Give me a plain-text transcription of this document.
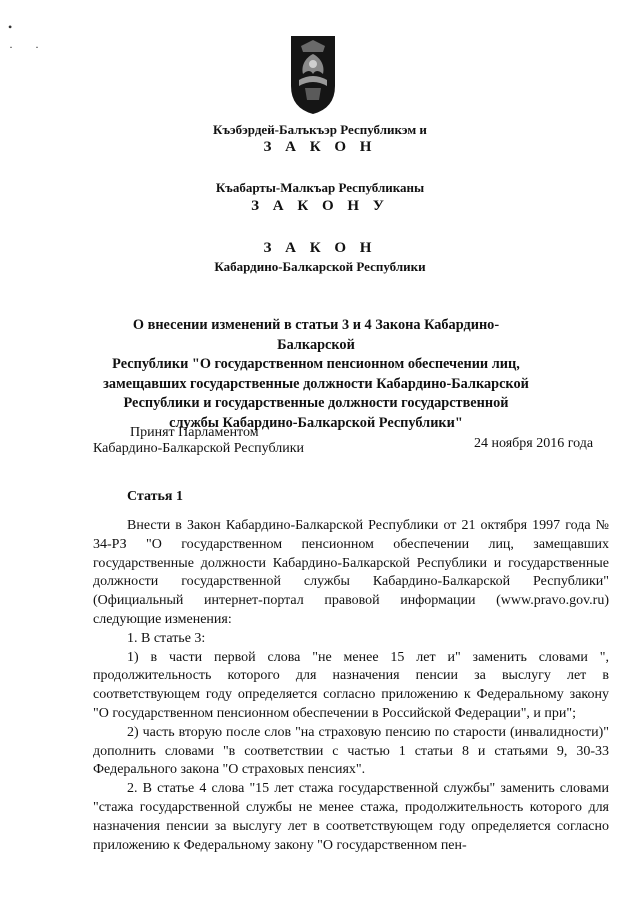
•
· ·
Къэбэрдей-Балъкъэр Республикэм и
З А К О Н
Къабарты-Малкъар Республиканы
З А К О Н У
З А К О Н
Кабардино-Балкарской Республики
О внесении изменений в статьи 3 и 4 Закона Кабардино-Балкарской
Республики "О государственном пенсионном обеспечении лиц,
замещавших государственные должности Кабардино-Балкарской
Республики и государственные должности государственной
службы Кабардино-Балкарской Республики"
Принят Парламентом
Кабардино-Балкарской Республики	24 ноября 2016 года
Статья 1

Внести в Закон Кабардино-Балкарской Республики от 21 октября 1997 года № 34-РЗ "О государственном пенсионном обеспечении лиц, замещавших государственные должности Кабардино-Балкарской Республики и государственные должности государственной службы Кабардино-Балкарской Республики" (Официальный интернет-портал правовой информации (www.pravo.gov.ru) следующие изменения:

1. В статье 3:

1) в части первой слова "не менее 15 лет и" заменить словами ", продолжительность которого для назначения пенсии за выслугу лет в соответствующем году определяется согласно приложению к Федеральному закону "О государственном пенсионном обеспечении в Российской Федерации", и при";

2) часть вторую после слов "на страховую пенсию по старости (инвалидности)" дополнить словами "в соответствии с частью 1 статьи 8 и статьями 9, 30-33 Федерального закона "О страховых пенсиях".

2. В статье 4 слова "15 лет стажа государственной службы" заменить словами "стажа государственной службы не менее стажа, продолжительность которого для назначения пенсии за выслугу лет в соответствующем году определяется согласно приложению к Федеральному закону "О государственном пен-
